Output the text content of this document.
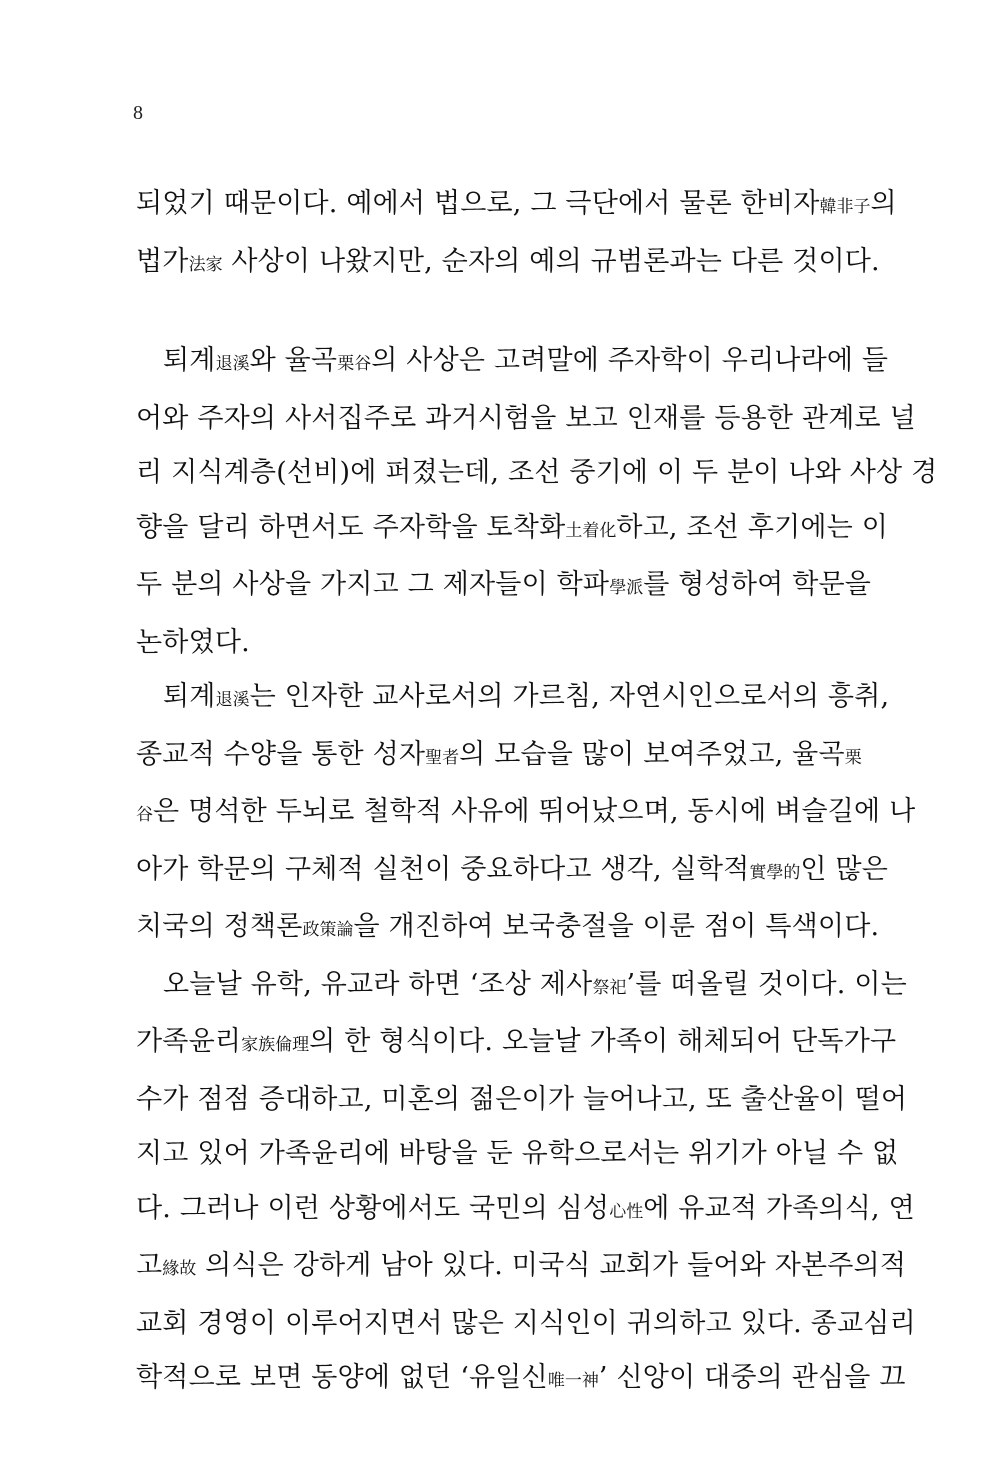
8
되었기 때문이다. 예에서 법으로, 그 극단에서 물론 한비자韓非子의
법가法家 사상이 나왔지만, 순자의 예의 규범론과는 다른 것이다.
퇴계退溪와 율곡栗谷의 사상은 고려말에 주자학이 우리나라에 들
어와 주자의 사서집주로 과거시험을 보고 인재를 등용한 관계로 널
리 지식계층(선비)에 퍼졌는데, 조선 중기에 이 두 분이 나와 사상 경
향을 달리 하면서도 주자학을 토착화土着化하고, 조선 후기에는 이
두 분의 사상을 가지고 그 제자들이 학파學派를 형성하여 학문을
논하였다.
퇴계退溪는 인자한 교사로서의 가르침, 자연시인으로서의 흥취,
종교적 수양을 통한 성자聖者의 모습을 많이 보여주었고, 율곡栗
谷은 명석한 두뇌로 철학적 사유에 뛰어났으며, 동시에 벼슬길에 나
아가 학문의 구체적 실천이 중요하다고 생각, 실학적實學的인 많은
치국의 정책론政策論을 개진하여 보국충절을 이룬 점이 특색이다.
오늘날 유학, 유교라 하면 ‘조상 제사祭祀’를 떠올릴 것이다. 이는
가족윤리家族倫理의 한 형식이다. 오늘날 가족이 해체되어 단독가구
수가 점점 증대하고, 미혼의 젊은이가 늘어나고, 또 출산율이 떨어
지고 있어 가족윤리에 바탕을 둔 유학으로서는 위기가 아닐 수 없
다. 그러나 이런 상황에서도 국민의 심성心性에 유교적 가족의식, 연
고緣故 의식은 강하게 남아 있다. 미국식 교회가 들어와 자본주의적
교회 경영이 이루어지면서 많은 지식인이 귀의하고 있다. 종교심리
학적으로 보면 동양에 없던 ‘유일신唯一神’ 신앙이 대중의 관심을 끄
